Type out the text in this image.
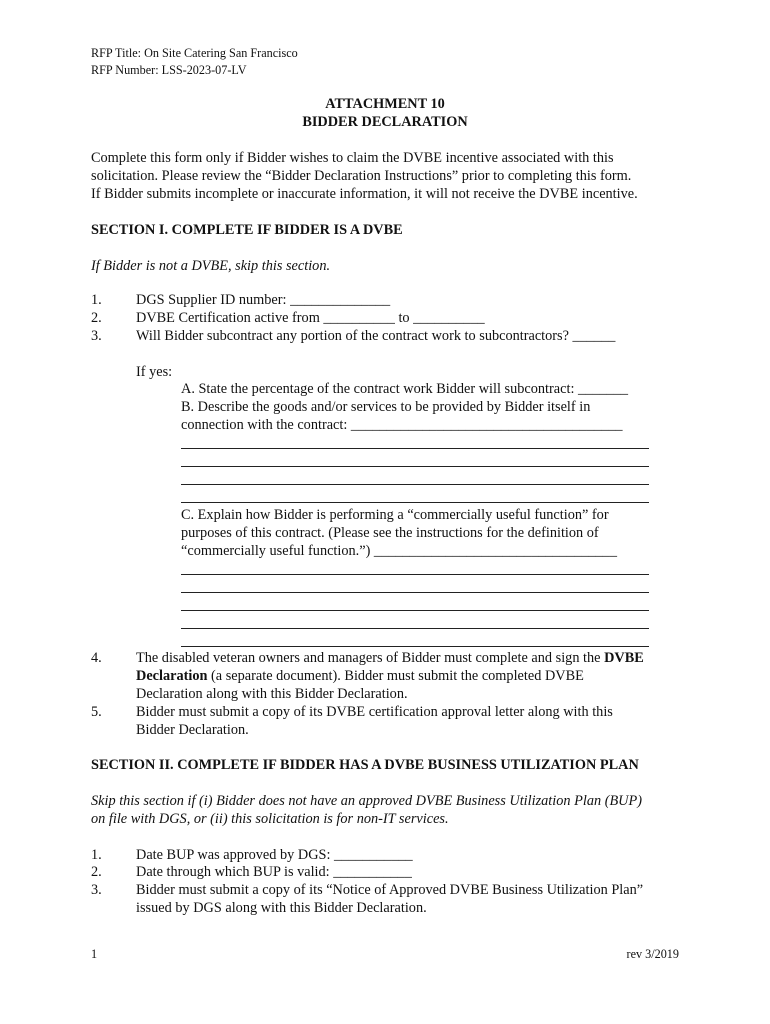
RFP Title: On Site Catering San Francisco
RFP Number: LSS-2023-07-LV
ATTACHMENT 10
BIDDER DECLARATION
Complete this form only if Bidder wishes to claim the DVBE incentive associated with this
solicitation. Please review the “Bidder Declaration Instructions” prior to completing this form.
If Bidder submits incomplete or inaccurate information, it will not receive the DVBE incentive.
SECTION I. COMPLETE IF BIDDER IS A DVBE
If Bidder is not a DVBE, skip this section.
1. DGS Supplier ID number: ______________
2. DVBE Certification active from __________ to __________
3. Will Bidder subcontract any portion of the contract work to subcontractors? ______
If yes:
A. State the percentage of the contract work Bidder will subcontract: _______
B. Describe the goods and/or services to be provided by Bidder itself in
connection with the contract: ______________________________________
C. Explain how Bidder is performing a “commercially useful function” for
purposes of this contract. (Please see the instructions for the definition of
“commercially useful function.”) __________________________________
4. The disabled veteran owners and managers of Bidder must complete and sign the DVBE
Declaration (a separate document). Bidder must submit the completed DVBE
Declaration along with this Bidder Declaration.
5. Bidder must submit a copy of its DVBE certification approval letter along with this
Bidder Declaration.
SECTION II. COMPLETE IF BIDDER HAS A DVBE BUSINESS UTILIZATION PLAN
Skip this section if (i) Bidder does not have an approved DVBE Business Utilization Plan (BUP)
on file with DGS, or (ii) this solicitation is for non-IT services.
1. Date BUP was approved by DGS: ___________
2. Date through which BUP is valid: ___________
3. Bidder must submit a copy of its “Notice of Approved DVBE Business Utilization Plan”
issued by DGS along with this Bidder Declaration.
1	rev 3/2019
